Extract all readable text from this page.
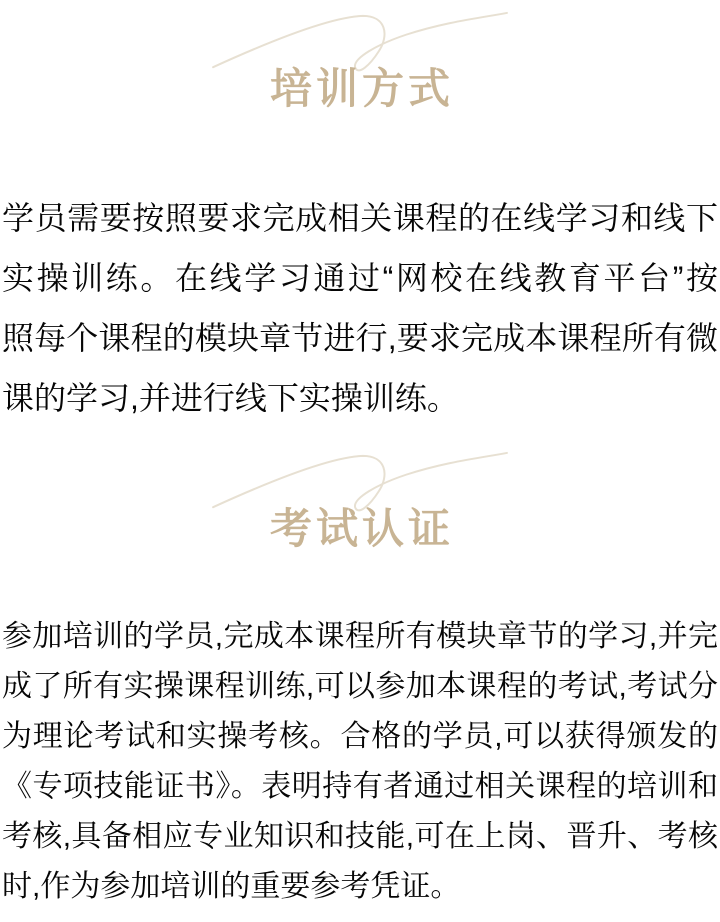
培训方式
学员需要按照要求完成相关课程的在线学习和线下
实操训练。在线学习通过“网校在线教育平台”按
照每个课程的模块章节进行,要求完成本课程所有微
课的学习,并进行线下实操训练。
考试认证
参加培训的学员,完成本课程所有模块章节的学习,并完
成了所有实操课程训练,可以参加本课程的考试,考试分
为理论考试和实操考核。合格的学员,可以获得颁发的
《专项技能证书》。表明持有者通过相关课程的培训和
考核,具备相应专业知识和技能,可在上岗、晋升、考核
时,作为参加培训的重要参考凭证。
